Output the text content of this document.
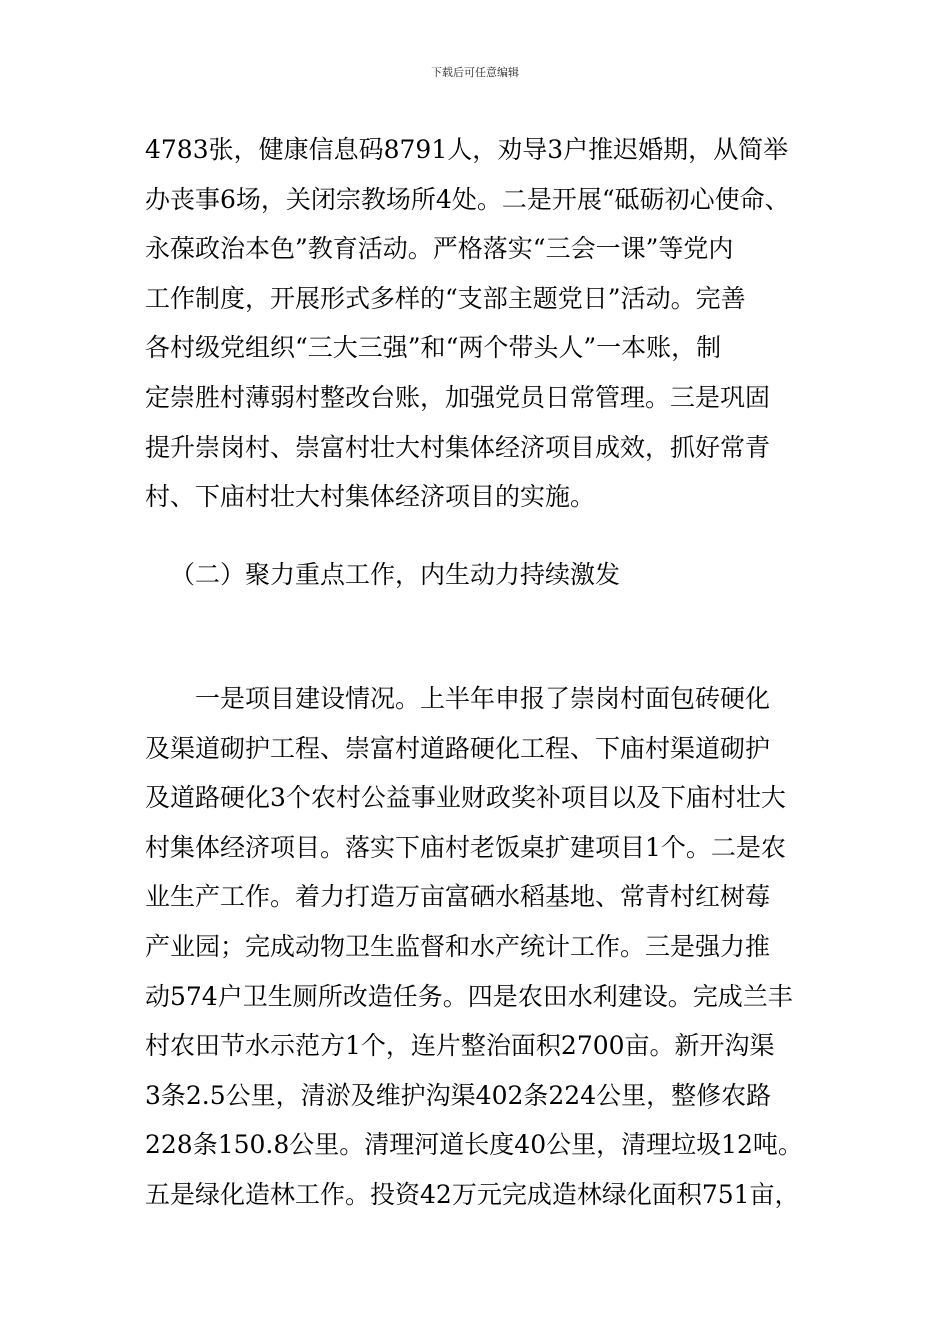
下载后可任意编辑
4783张，健康信息码8791人，劝导3户推迟婚期，从简举
办丧事6场，关闭宗教场所4处。二是开展“砥砺初心使命、
永葆政治本色”教育活动。严格落实“三会一课”等党内
工作制度，开展形式多样的“支部主题党日”活动。完善
各村级党组织“三大三强”和“两个带头人”一本账，制
定崇胜村薄弱村整改台账，加强党员日常管理。三是巩固
提升崇岗村、崇富村壮大村集体经济项目成效，抓好常青
村、下庙村壮大村集体经济项目的实施。
（二）聚力重点工作，内生动力持续激发
　　一是项目建设情况。上半年申报了崇岗村面包砖硬化
及渠道砌护工程、崇富村道路硬化工程、下庙村渠道砌护
及道路硬化3个农村公益事业财政奖补项目以及下庙村壮大
村集体经济项目。落实下庙村老饭桌扩建项目1个。二是农
业生产工作。着力打造万亩富硒水稻基地、常青村红树莓
产业园；完成动物卫生监督和水产统计工作。三是强力推
动574户卫生厕所改造任务。四是农田水利建设。完成兰丰
村农田节水示范方1个，连片整治面积2700亩。新开沟渠
3条2.5公里，清淤及维护沟渠402条224公里，整修农路
228条150.8公里。清理河道长度40公里，清理垃圾12吨。
五是绿化造林工作。投资42万元完成造林绿化面积751亩，
